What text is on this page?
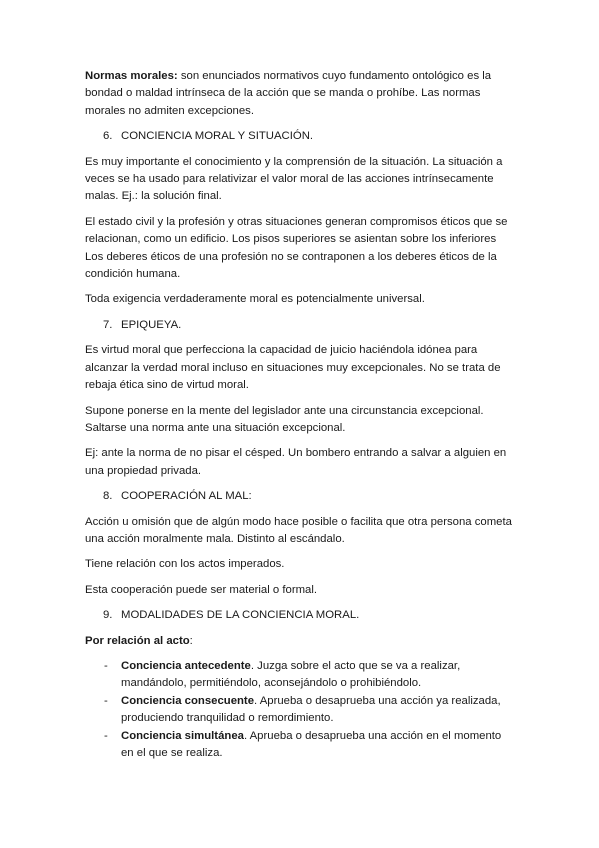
Normas morales: son enunciados normativos cuyo fundamento ontológico es la bondad o maldad intrínseca de la acción que se manda o prohíbe. Las normas morales no admiten excepciones.

6. CONCIENCIA MORAL Y SITUACIÓN.

Es muy importante el conocimiento y la comprensión de la situación. La situación a veces se ha usado para relativizar el valor moral de las acciones intrínsecamente malas. Ej.: la solución final.

El estado civil y la profesión y otras situaciones generan compromisos éticos que se relacionan, como un edificio. Los pisos superiores se asientan sobre los inferiores Los deberes éticos de una profesión no se contraponen a los deberes éticos de la condición humana.

Toda exigencia verdaderamente moral es potencialmente universal.

7. EPIQUEYA.

Es virtud moral que perfecciona la capacidad de juicio haciéndola idónea para alcanzar la verdad moral incluso en situaciones muy excepcionales. No se trata de rebaja ética sino de virtud moral.

Supone ponerse en la mente del legislador ante una circunstancia excepcional. Saltarse una norma ante una situación excepcional.

Ej: ante la norma de no pisar el césped. Un bombero entrando a salvar a alguien en una propiedad privada.

8. COOPERACIÓN AL MAL:

Acción u omisión que de algún modo hace posible o facilita que otra persona cometa una acción moralmente mala. Distinto al escándalo.

Tiene relación con los actos imperados.

Esta cooperación puede ser material o formal.

9. MODALIDADES DE LA CONCIENCIA MORAL.

Por relación al acto:

- Conciencia antecedente. Juzga sobre el acto que se va a realizar, mandándolo, permitiéndolo, aconsejándolo o prohibiéndolo.
- Conciencia consecuente. Aprueba o desaprueba una acción ya realizada, produciendo tranquilidad o remordimiento.
- Conciencia simultánea. Aprueba o desaprueba una acción en el momento en el que se realiza.
